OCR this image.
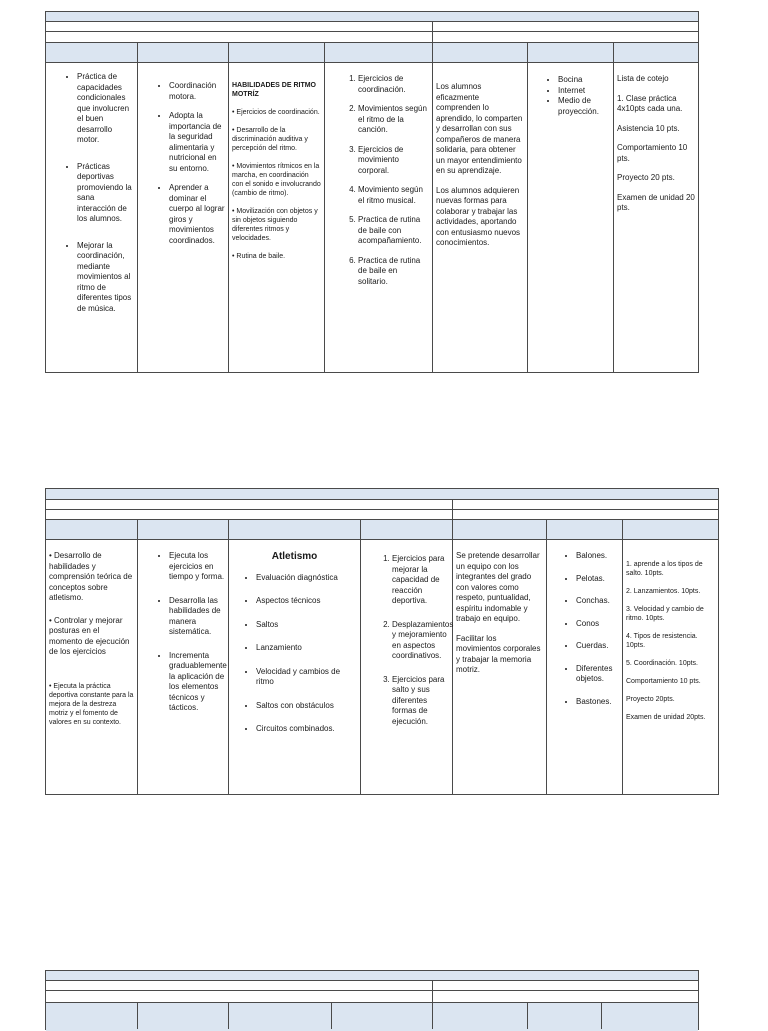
• Práctica de capacidades condicionales que involucren el buen desarrollo motor.
• Prácticas deportivas promoviendo la sana interacción de los alumnos.
• Mejorar la coordinación, mediante movimientos al ritmo de diferentes tipos de música.
• Coordinación motora.
• Adopta la importancia de la seguridad alimentaria y nutricional en su entorno.
• Aprender a dominar el cuerpo al lograr giros y movimientos coordinados.

HABILIDADES DE RITMO MOTRÍZ

• Ejercicios de coordinación.

• Desarrollo de la discriminación auditiva y percepción del ritmo.

• Movimientos rítmicos en la marcha, en coordinación con el sonido e involucrando (cambio de ritmo).

• Movilización con objetos y sin objetos siguiendo diferentes ritmos y velocidades.

• Rutina de baile.

1. Ejercicios de coordinación.
2. Movimientos según el ritmo de la canción.
3. Ejercicios de movimiento corporal.
4. Movimiento según el ritmo musical.
5. Practica de rutina de baile con acompañamiento.
6. Practica de rutina de baile en solitario.

Los alumnos eficazmente comprenden lo aprendido, lo comparten y desarrollan con sus compañeros de manera solidaria, para obtener un mayor entendimiento en su aprendizaje.

Los alumnos adquieren nuevas formas para colaborar y trabajar las actividades, aportando con entusiasmo nuevos conocimientos.

• Bocina
• Internet
• Medio de proyección.

Lista de cotejo

1. Clase práctica 4x10pts cada una.

Asistencia 10 pts.

Comportamiento 10 pts.

Proyecto 20 pts.

Examen de unidad 20 pts.

• Desarrollo de habilidades y comprensión teórica de conceptos sobre atletismo.

• Controlar y mejorar posturas en el momento de ejecución de los ejercicios

• Ejecuta la práctica deportiva constante para la mejora de la destreza motriz y el fomento de valores en su contexto.

• Ejecuta los ejercicios en tiempo y forma.
• Desarrolla las habilidades de manera sistemática.
• Incrementa graduablemente la aplicación de los elementos técnicos y tácticos.
Atletismo
• Evaluación diagnóstica
• Aspectos técnicos
• Saltos
• Lanzamiento
• Velocidad y cambios de ritmo
• Saltos con obstáculos
• Circuitos combinados.
1. Ejercicios para mejorar la capacidad de reacción deportiva.
2. Desplazamientos y mejoramiento en aspectos coordinativos.
3. Ejercicios para salto y sus diferentes formas de ejecución.

Se pretende desarrollar un equipo con los integrantes del grado con valores como respeto, puntualidad, espíritu indomable y trabajo en equipo.

Facilitar los movimientos corporales y trabajar la memoria motriz.

• Balones.
• Pelotas.
• Conchas.
• Conos
• Cuerdas.
• Diferentes objetos.
• Bastones.

1. aprende a los tipos de salto. 10pts.

2. Lanzamientos. 10pts.

3. Velocidad y cambio de ritmo. 10pts.

4. Tipos de resistencia. 10pts.

5. Coordinación. 10pts.

Comportamiento 10 pts.

Proyecto 20pts.

Examen de unidad 20pts.
